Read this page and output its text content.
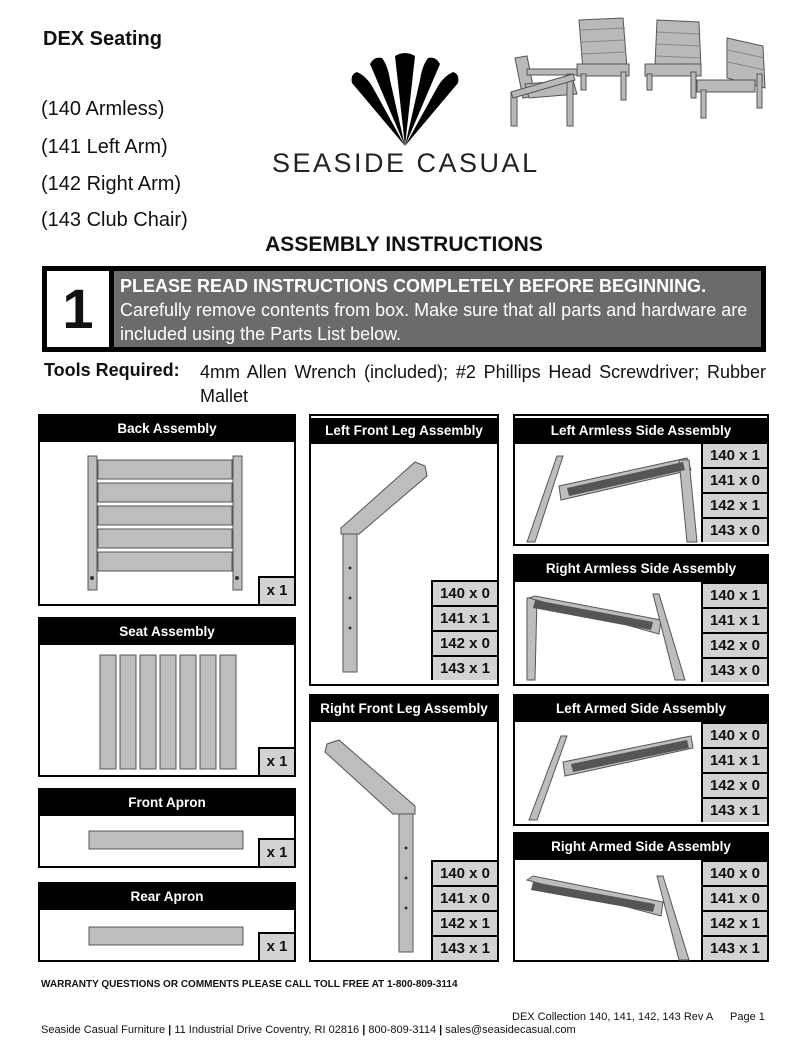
DEX Seating
(140 Armless)
(141 Left Arm)
(142 Right Arm)
(143 Club Chair)
SEASIDE CASUAL
ASSEMBLY INSTRUCTIONS
1	PLEASE READ INSTRUCTIONS COMPLETELY BEFORE BEGINNING.
Carefully remove contents from box. Make sure that all parts and hardware are included using the Parts List below.
Tools Required: 4mm Allen Wrench (included); #2 Phillips Head Screwdriver; Rubber Mallet
Back Assembly
x 1
Seat Assembly
x 1
Front Apron
x 1
Rear Apron
x 1
Left Front Leg Assembly
140 x 0
141 x 1
142 x 0
143 x 1
Right Front Leg Assembly
140 x 0
141 x 0
142 x 1
143 x 1
Left Armless Side Assembly
140 x 1
141 x 0
142 x 1
143 x 0
Right Armless Side Assembly
140 x 1
141 x 1
142 x 0
143 x 0
Left Armed Side Assembly
140 x 0
141 x 1
142 x 0
143 x 1
Right Armed Side Assembly
140 x 0
141 x 0
142 x 1
143 x 1
WARRANTY QUESTIONS OR COMMENTS PLEASE CALL TOLL FREE AT 1-800-809-3114
DEX Collection 140, 141, 142, 143 Rev A Page 1
Seaside Casual Furniture | 11 Industrial Drive Coventry, RI 02816 | 800-809-3114 | sales@seasidecasual.com
